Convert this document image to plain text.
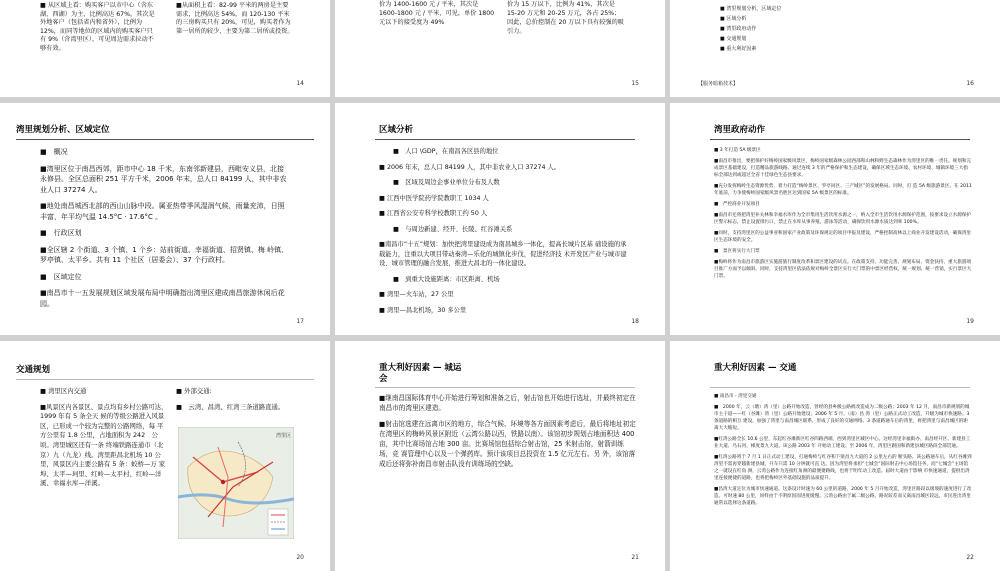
■ 从区域上看：购买客户以市中心（含东湖、西湖）为主，比例高达 67%，其次是外地客户（包括省内和省外），比例为 12%，而同等地位的区域内的购买客户只有 9%（含湾里区），可见周边需求拉动不够有效。
■从面积上看：82-99 平米的两房是主要需求，比例高达 54%，而 120-130 平米的三房购买只有 20%，可见，购买者作为第一居所的较少，主要为第二居所或投资。
14
价为 1400-1600 元 / 平米，其次是 1600-1800 元 / 平米，可见，单价 1800 元以下的接受度为 49%
价为 15 万以下，比例为 41%，其次是 15-20 万元和 20-25 万元，各占 25%；因此，总价控制在 20 万以下具有较强的吸引力。
15
■ 湾里规划分析、区域定位
■ 区域分析
■ 湾里政府动作
■ 交通规划
■ 重大利好因素
【服务暗箱技术】	16
湾里规划分析、区域定位

■　概况

■湾里区位于南昌西郊，距市中心 18 千米，东南邻新建县，西毗安义县，北接永修县。全区总面积 251 平方千米，2006 年末，总人口 84199 人，其中非农业人口 37274 人。

■地处南昌城西北部的西山山脉中段。属亚热带季风湿润气候，雨量充沛，日照丰富，年平均气温 14.5°C · 17.6°C 。

■　行政区划

■全区辖 2 个街道、3 个镇、1 个乡：站前街道、幸福街道、招贤镇、梅 岭镇、罗亭镇、太平乡。共有 11 个社区（居委会）、37 个行政村。

■　区域定位

■南昌市十一五发展规划区域发展布局中明确指出湾里区建成南昌旅游休闲后花园。

17
区域分析

■　人口 \GDP，在南昌各区县的地位

■ 2006 年末，总人口 84199 人，其中非农业人口 37274 人。

■　区域及周边企事业单位分布及人数

■ 江西中医学院药学院教职工 1034 人

■ 江西省公安专科学校教职工约 50 人

■　与周边新建、经开、长陵、红谷滩关系

■南昌市“十五”规划：加快把湾里建设成为南昌城乡一体化，提高长城片区基 础设施的承载能力，注重以大项目带动秦湾—乐化的城镇化步伐，促进经济技 术开发区产业与城市建设、城市管理的融合发展，推进大昌北的一体化建设。

■　到重大设施距离：市区距离、机场

■ 湾里—火车站，27 公里

■ 湾里—昌北机场，30 多公里

18
湾里政府动作

■ 3 年打造 5A 级景区

■南昌市推出，要把保护好梅岭国家级风景区，梅岭国家级森林公园西部和山林和野生态森林作为湾里区的唯一责任。规划和完成景区基础建设，打造精品旅游线路。通过连续 3 年的严格保护和生态建设，确保区域生态环境、农村环境、城镇环境三大指标全部达到或超过全省十佳绿色生态县要求。

■充分发挥梅岭生态资源优势，着力打造“梅岭景区、罗亭回区、三产城区”的发展格局。同时，打 造 5A 级旅游景区。在 2011 年底前，力争使梅岭国家级风景名胜区达到国家 5A 级景区的标准。

■　严控商业开发项目

■南昌市还将把湾里补关林和幸福水库作为全市集用生活饮用水源之一，纳入全市生活饮用水源保护范围，按要求设立水源保护区警示标志，禁止设置排污口，禁止在水库从事养殖、游泳等活动，确保饮用水源水质达到率 100%。

■同时，支持湾里区的公益事业和国家产业政策及环保规定的项目申报及建设，严格控制高林以上商业开发建设活动，确保湾里区生态环境的安全。

■　景区将实行大门票

■梅岭将作为南昌市旅游区实施游旅行制度改革和景区建设的试点。在政策支持、功能完善、规划布局、资金扶持、重大旅游项目推广方面予以倾斜。同时，支持湾里区依法依规对梅岭全景区实行大门票的中景区经营权，统一规划、统一营销，实行景区大门票。

19
交通规划

■ 湾里区内交通

■风景区内各景区、景点均有乡村公路可达，1999 年有 5 条全天 候的等级公路进入风景区，已形成一个较为完整的公路网络，每 平方公里有 1.8 公里，占地面积为 242　公顷。湾里城区还有一条 终端铁路连通市（北京）九（九龙）线。湾里距昌北机场 10 公里，风景区内主要公路有 5 条：蛟桥—万 家埠、太平—珂里、红岭—太平村、红岭—洋溪、幸福水库—洋溪。

■ 外部交通:

■　云湾、昌湾、红湾三条道路直通。

湾里区
20
重大利好因素 — 城运会

■继南昌国际体育中心开始进行筹划和准备之后，射击馆也开始进行选址，并最终初定在南昌市的湾里区建造。

■射击馆选建在远离市区的地方，综合气候、环境等各方面因素考虑后，最后将地址初定在湾里区的梅岭风景区附近（云湾公路以西，铁路以南）。该馆初步规划占地面积达 400 亩，其中比赛场馆占地 300 亩。比赛场馆包括综合射击馆，25 米射击馆，射箭训练场，竞 赛管理中心以及一个弹药库。预计该项目总投资在 1.5 亿元左右。另 外，该馆落成后还将弥补南昌市射击队没有训练场的空缺。

21
重大利好因素 — 交通

■ 南昌市 - 湾里交通

■　2000 年，云（塘）湾（里）公路开始改造，曾经的县乡级公路被改造成为二级公路；2003 年 12 月，南昌市新规划的城市主干道——红（谷滩）湾（里）公路开始建设；2006 年 5 月，（南）昌 湾（里）公路正式动工改造，升级为城市快速路。3 条道路的相互 建设，加强了湾里与南昌城区联系，形成了良好的交通网络。3 条道路通车后的湾里，将把湾里与南昌城区的距离大大缩短。

■红湾公路全长 10.6 公里，东起红谷滩新区红谷四路西端，西到湾里区城区中心。这经湾里幸福街办、南昌经开区、新建县工业大道、乌石河、梯度景九大道。该公路 2003 年 开始动工建设；至 2006 年，湾里区跟国和新建县城区路段全部贯通。

■红湾公路将于 7 月 1 日正式动工建设，打通梅岭与红谷和下梁昌九大道的 2 公里左右的 断头路。该公路通车后，从红谷滩到湾里不需再穿越新建县城，开车只需 10 分钟就可直 达。因为湾里将承担“七城会”国际射击中心场馆任务，而“七城会”主场馆之一就设在红角 洲，云湾公路作为连接红角洲的最便捷路线，也将于明年动工改造。届时大道由于影响 市快速通道，提供出湾里连接便捷的道路，也将把梅岭区外基础设施的品质提升。

■昌湾大道定位为城市快速通道。这条设计时速为 60 公里的道路，2006 年 5 月开始改造，湾里区路段以缓坡的速度进行了改造。可时速 80 公里，同样由于不明原因而进度缓慢。云湾公路由于属二级公路、路况较差而又离南昌城区较远，市民进出湾里通常以选择这条道路。

22
